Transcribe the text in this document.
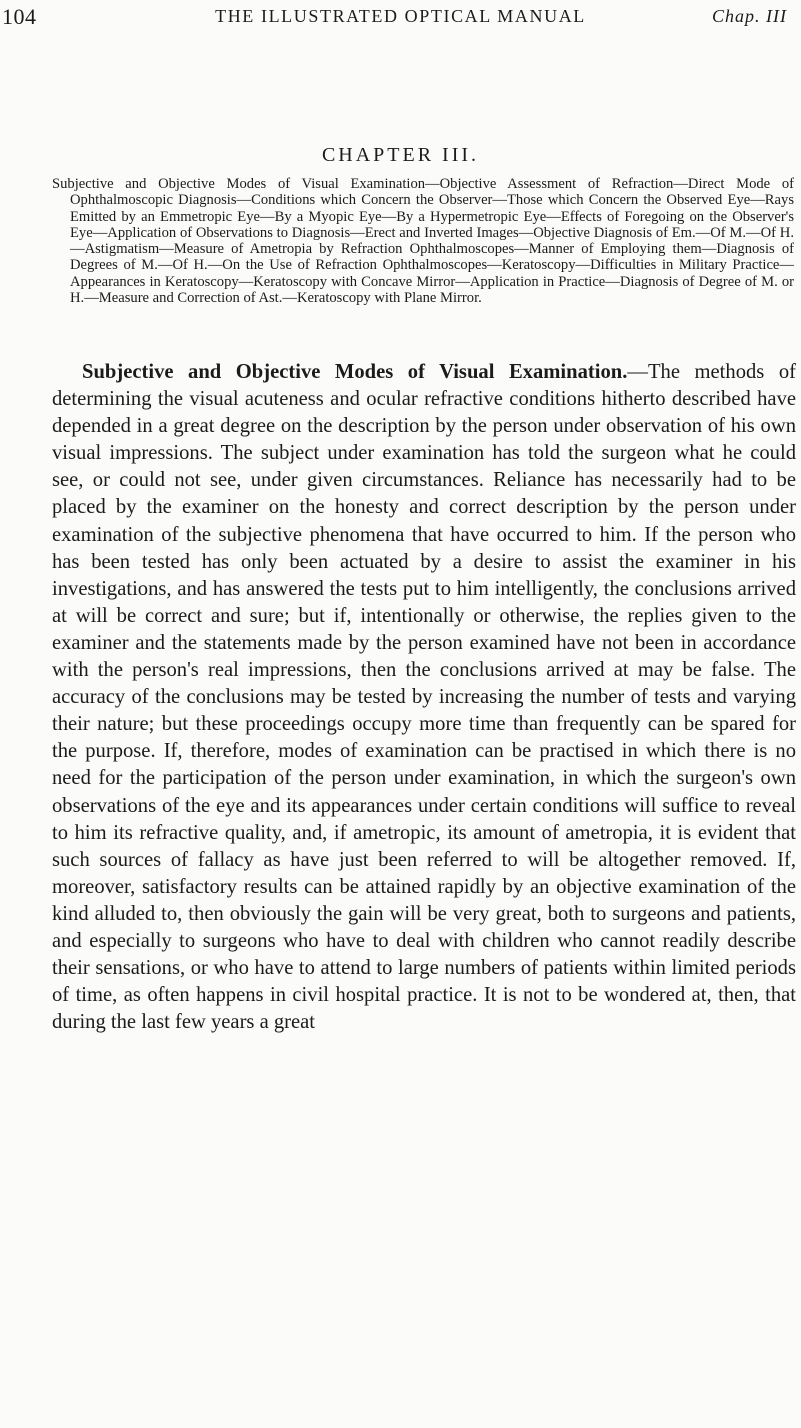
104	THE ILLUSTRATED OPTICAL MANUAL	Chap. III
CHAPTER III.
Subjective and Objective Modes of Visual Examination—Objective Assessment of Refraction—Direct Mode of Ophthalmoscopic Diagnosis—Conditions which Concern the Observer—Those which Concern the Observed Eye—Rays Emitted by an Emmetropic Eye—By a Myopic Eye—By a Hypermetropic Eye—Effects of Foregoing on the Observer's Eye—Application of Observations to Diagnosis—Erect and Inverted Images—Objective Diagnosis of Em.—Of M.—Of H.—Astigmatism—Measure of Ametropia by Refraction Ophthalmoscopes—Manner of Employing them—Diagnosis of Degrees of M.—Of H.—On the Use of Refraction Ophthalmoscopes—Keratoscopy—Difficulties in Military Practice—Appearances in Keratoscopy—Keratoscopy with Concave Mirror—Application in Practice—Diagnosis of Degree of M. or H.—Measure and Correction of Ast.—Keratoscopy with Plane Mirror.

Subjective and Objective Modes of Visual Examination.—The methods of determining the visual acuteness and ocular refractive conditions hitherto described have depended in a great degree on the description by the person under observation of his own visual impressions. The subject under examination has told the surgeon what he could see, or could not see, under given circumstances. Reliance has necessarily had to be placed by the examiner on the honesty and correct description by the person under examination of the subjective phenomena that have occurred to him. If the person who has been tested has only been actuated by a desire to assist the examiner in his investigations, and has answered the tests put to him intelligently, the conclusions arrived at will be correct and sure; but if, intentionally or otherwise, the replies given to the examiner and the statements made by the person examined have not been in accordance with the person's real impressions, then the conclusions arrived at may be false. The accuracy of the conclusions may be tested by increasing the number of tests and varying their nature; but these proceedings occupy more time than frequently can be spared for the purpose. If, therefore, modes of examination can be practised in which there is no need for the participation of the person under examination, in which the surgeon's own observations of the eye and its appearances under certain conditions will suffice to reveal to him its refractive quality, and, if ametropic, its amount of ametropia, it is evident that such sources of fallacy as have just been referred to will be altogether removed. If, moreover, satisfactory results can be attained rapidly by an objective examination of the kind alluded to, then obviously the gain will be very great, both to surgeons and patients, and especially to surgeons who have to deal with children who cannot readily describe their sensations, or who have to attend to large numbers of patients within limited periods of time, as often happens in civil hospital practice. It is not to be wondered at, then, that during the last few years a great
